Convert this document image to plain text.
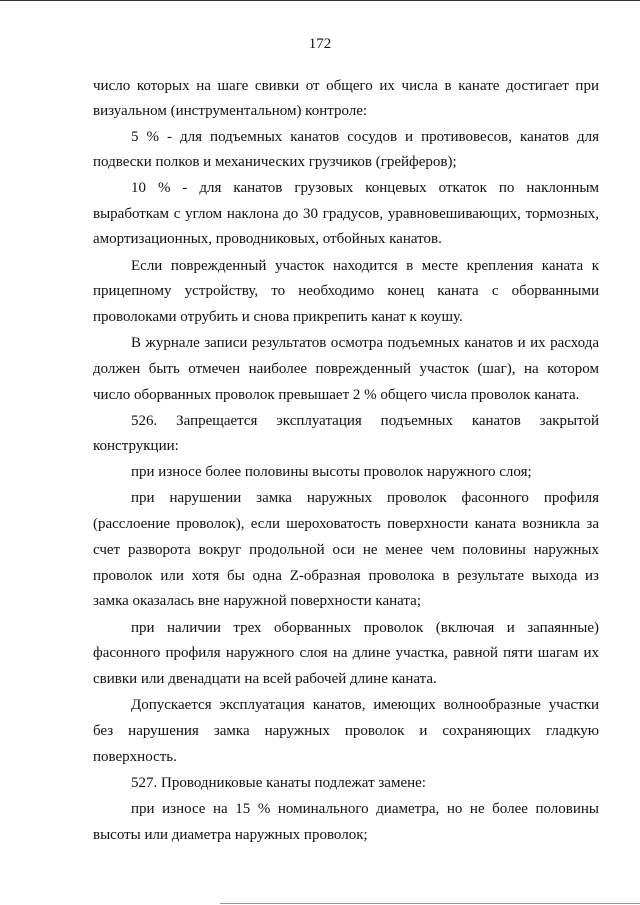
172
число которых на шаге свивки от общего их числа в канате достигает при
визуальном (инструментальном) контроле:
5 % - для подъемных канатов сосудов и противовесов, канатов для
подвески полков и механических грузчиков (грейферов);
10 % - для канатов грузовых концевых откаток по наклонным
выработкам с углом наклона до 30 градусов, уравновешивающих, тормозных,
амортизационных, проводниковых, отбойных канатов.
Если поврежденный участок находится в месте крепления каната к
прицепному устройству, то необходимо конец каната с оборванными
проволоками отрубить и снова прикрепить канат к коушу.
В журнале записи результатов осмотра подъемных канатов и их расхода
должен быть отмечен наиболее поврежденный участок (шаг), на котором
число оборванных проволок превышает 2 % общего числа проволок каната.
526. Запрещается эксплуатация подъемных канатов закрытой
конструкции:
при износе более половины высоты проволок наружного слоя;
при нарушении замка наружных проволок фасонного профиля
(расслоение проволок), если шероховатость поверхности каната возникла за
счет разворота вокруг продольной оси не менее чем половины наружных
проволок или хотя бы одна Z-образная проволока в результате выхода из
замка оказалась вне наружной поверхности каната;
при наличии трех оборванных проволок (включая и запаянные)
фасонного профиля наружного слоя на длине участка, равной пяти шагам их
свивки или двенадцати на всей рабочей длине каната.
Допускается эксплуатация канатов, имеющих волнообразные участки
без нарушения замка наружных проволок и сохраняющих гладкую
поверхность.
527. Проводниковые канаты подлежат замене:
при износе на 15 % номинального диаметра, но не более половины
высоты или диаметра наружных проволок;
